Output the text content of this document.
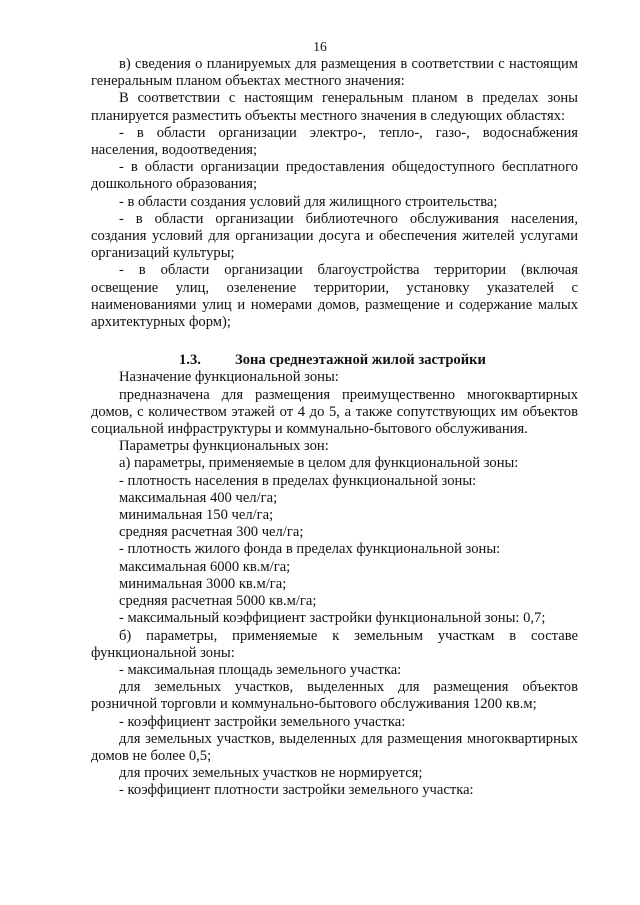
16

в) сведения о планируемых для размещения в соответствии с настоящим генеральным планом объектах местного значения:

В соответствии с настоящим генеральным планом в пределах зоны планируется разместить объекты местного значения в следующих областях:

- в области организации электро-, тепло-, газо-, водоснабжения населения, водоотведения;

- в области организации предоставления общедоступного бесплатного дошкольного образования;

- в области создания условий для жилищного строительства;

- в области организации библиотечного обслуживания населения, создания условий для организации досуга и обеспечения жителей услугами организаций культуры;

- в области организации благоустройства территории (включая освещение улиц, озеленение территории, установку указателей с наименованиями улиц и номерами домов, размещение и содержание малых архитектурных форм);

1.3. Зона среднеэтажной жилой застройки

Назначение функциональной зоны:

предназначена для размещения преимущественно многоквартирных домов, с количеством этажей от 4 до 5, а также сопутствующих им объектов социальной инфраструктуры и коммунально-бытового обслуживания.

Параметры функциональных зон:

а) параметры, применяемые в целом для функциональной зоны:

- плотность населения в пределах функциональной зоны:

максимальная 400 чел/га;

минимальная 150 чел/га;

средняя расчетная 300 чел/га;

- плотность жилого фонда в пределах функциональной зоны:

максимальная 6000 кв.м/га;

минимальная 3000 кв.м/га;

средняя расчетная 5000 кв.м/га;

- максимальный коэффициент застройки функциональной зоны: 0,7;

б) параметры, применяемые к земельным участкам в составе функциональной зоны:

- максимальная площадь земельного участка:

для земельных участков, выделенных для размещения объектов розничной торговли и коммунально-бытового обслуживания 1200 кв.м;

- коэффициент застройки земельного участка:

для земельных участков, выделенных для размещения многоквартирных домов не более 0,5;

для прочих земельных участков не нормируется;

- коэффициент плотности застройки земельного участка:
